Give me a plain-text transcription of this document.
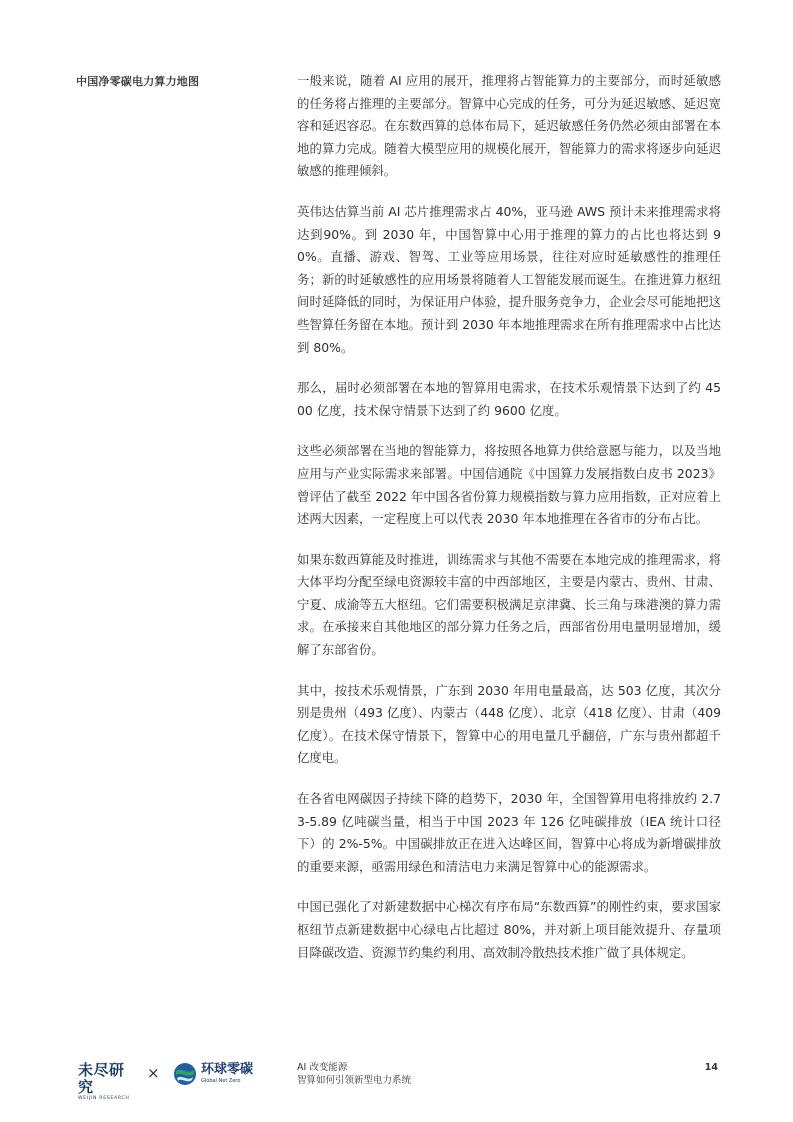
中国净零碳电力算力地图	一般来说，随着 AI 应用的展开，推理将占智能算力的主要部分，而时延敏感的任务将占推理的主要部分。智算中心完成的任务，可分为延迟敏感、延迟宽容和延迟容忍。在东数西算的总体布局下，延迟敏感任务仍然必须由部署在本地的算力完成。随着大模型应用的规模化展开，智能算力的需求将逐步向延迟敏感的推理倾斜。

英伟达估算当前 AI 芯片推理需求占 40%，亚马逊 AWS 预计未来推理需求将达到90%。到 2030 年，中国智算中心用于推理的算力的占比也将达到 90%。直播、游戏、智驾、工业等应用场景，往往对应时延敏感性的推理任务；新的时延敏感性的应用场景将随着人工智能发展而诞生。在推进算力枢纽间时延降低的同时，为保证用户体验，提升服务竞争力，企业会尽可能地把这些智算任务留在本地。预计到 2030 年本地推理需求在所有推理需求中占比达到 80%。

那么，届时必须部署在本地的智算用电需求，在技术乐观情景下达到了约 4500 亿度，技术保守情景下达到了约 9600 亿度。

这些必须部署在当地的智能算力，将按照各地算力供给意愿与能力，以及当地应用与产业实际需求来部署。中国信通院《中国算力发展指数白皮书 2023》曾评估了截至 2022 年中国各省份算力规模指数与算力应用指数，正对应着上述两大因素，一定程度上可以代表 2030 年本地推理在各省市的分布占比。

如果东数西算能及时推进，训练需求与其他不需要在本地完成的推理需求，将大体平均分配至绿电资源较丰富的中西部地区，主要是内蒙古、贵州、甘肃、宁夏、成渝等五大枢纽。它们需要积极满足京津冀、长三角与珠港澳的算力需求。在承接来自其他地区的部分算力任务之后，西部省份用电量明显增加，缓解了东部省份。

其中，按技术乐观情景，广东到 2030 年用电量最高，达 503 亿度，其次分别是贵州（493 亿度）、内蒙古（448 亿度）、北京（418 亿度）、甘肃（409 亿度）。在技术保守情景下，智算中心的用电量几乎翻倍，广东与贵州都超千亿度电。

在各省电网碳因子持续下降的趋势下，2030 年，全国智算用电将排放约 2.73-5.89 亿吨碳当量，相当于中国 2023 年 126 亿吨碳排放（IEA 统计口径下）的 2%-5%。中国碳排放正在进入达峰区间，智算中心将成为新增碳排放的重要来源，亟需用绿色和清洁电力来满足智算中心的能源需求。

中国已强化了对新建数据中心梯次有序布局“东数西算”的刚性约束，要求国家枢纽节点新建数据中心绿电占比超过 80%，并对新上项目能效提升、存量项目降碳改造、资源节约集约利用、高效制冷散热技术推广做了具体规定。

未尽研究
WEIJIN RESEARCH
×	环球零碳
Global Net Zero
AI 改变能源
智算如何引领新型电力系统
14
